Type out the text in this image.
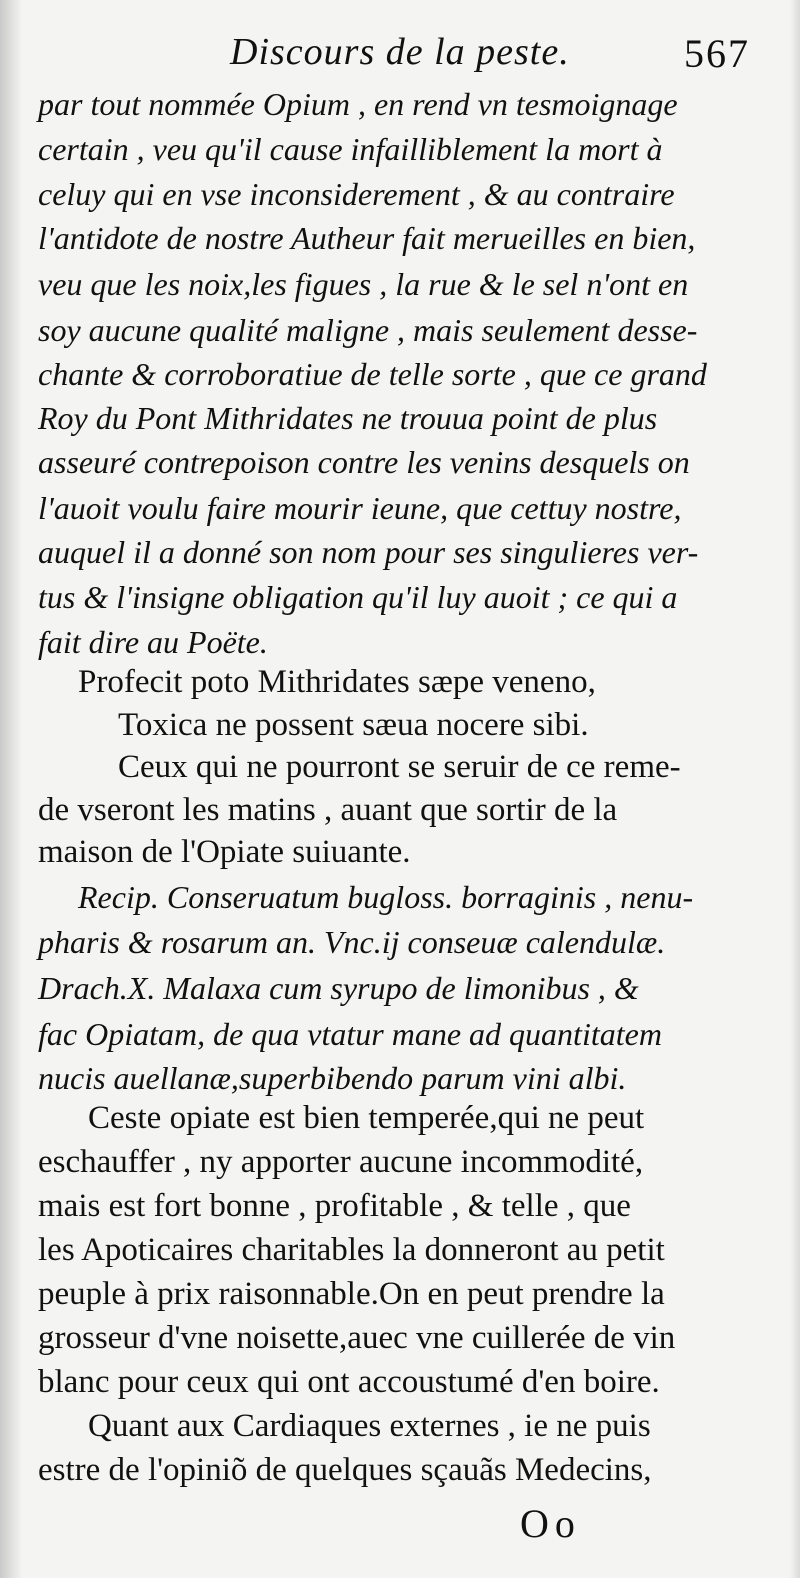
Discours de la peste.	567
par tout nommée Opium , en rend vn tesmoignage
certain , veu qu'il cause infailliblement la mort à
celuy qui en vse inconsiderement , & au contraire
l'antidote de nostre Autheur fait merueilles en bien,
veu que les noix,les figues , la rue & le sel n'ont en
soy aucune qualité maligne , mais seulement desse-
chante & corroboratiue de telle sorte , que ce grand
Roy du Pont Mithridates ne trouua point de plus
asseuré contrepoison contre les venins desquels on
l'auoit voulu faire mourir ieune, que cettuy nostre,
auquel il a donné son nom pour ses singulieres ver-
tus & l'insigne obligation qu'il luy auoit ; ce qui a
fait dire au Poëte.
Profecit poto Mithridates sæpe veneno,
Toxica ne possent sæua nocere sibi.
Ceux qui ne pourront se seruir de ce reme-
de vseront les matins , auant que sortir de la
maison de l'Opiate suiuante.
Recip. Conseruatum bugloss. borraginis , nenu-
pharis & rosarum an. Vnc.ij conseuæ calendulæ.
Drach.X. Malaxa cum syrupo de limonibus , &
fac Opiatam, de qua vtatur mane ad quantitatem
nucis auellanæ,superbibendo parum vini albi.
Ceste opiate est bien temperée,qui ne peut
eschauffer , ny apporter aucune incommodité,
mais est fort bonne , profitable , & telle , que
les Apoticaires charitables la donneront au petit
peuple à prix raisonnable.On en peut prendre la
grosseur d'vne noisette,auec vne cuillerée de vin
blanc pour ceux qui ont accoustumé d'en boire.
Quant aux Cardiaques externes , ie ne puis
estre de l'opiniõ de quelques sçauãs Medecins,
Oo
